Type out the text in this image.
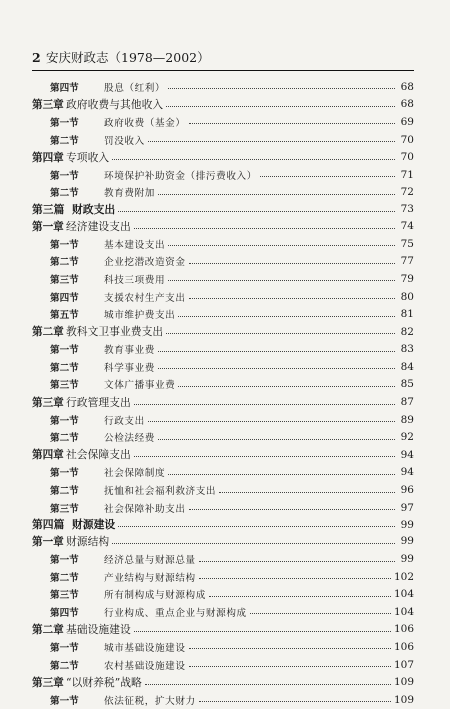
2 安庆财政志（1978—2002）
第四节	股息（红利）	68
第三章 政府收费与其他收入	68
第一节	政府收费（基金）	69
第二节	罚没收入	70
第四章 专项收入	70
第一节	环境保护补助资金（排污费收入）	71
第二节	教育费附加	72
第三篇 财政支出	73
第一章 经济建设支出	74
第一节	基本建设支出	75
第二节	企业挖潜改造资金	77
第三节	科技三项费用	79
第四节	支援农村生产支出	80
第五节	城市维护费支出	81
第二章 教科文卫事业费支出	82
第一节	教育事业费	83
第二节	科学事业费	84
第三节	文体广播事业费	85
第三章 行政管理支出	87
第一节	行政支出	89
第二节	公检法经费	92
第四章 社会保障支出	94
第一节	社会保障制度	94
第二节	抚恤和社会福利救济支出	96
第三节	社会保障补助支出	97
第四篇 财源建设	99
第一章 财源结构	99
第一节	经济总量与财源总量	99
第二节	产业结构与财源结构	102
第三节	所有制构成与财源构成	104
第四节	行业构成、重点企业与财源构成	104
第二章 基础设施建设	106
第一节	城市基础设施建设	106
第二节	农村基础设施建设	107
第三章 “以财养税”战略	109
第一节	依法征税，扩大财力	109
